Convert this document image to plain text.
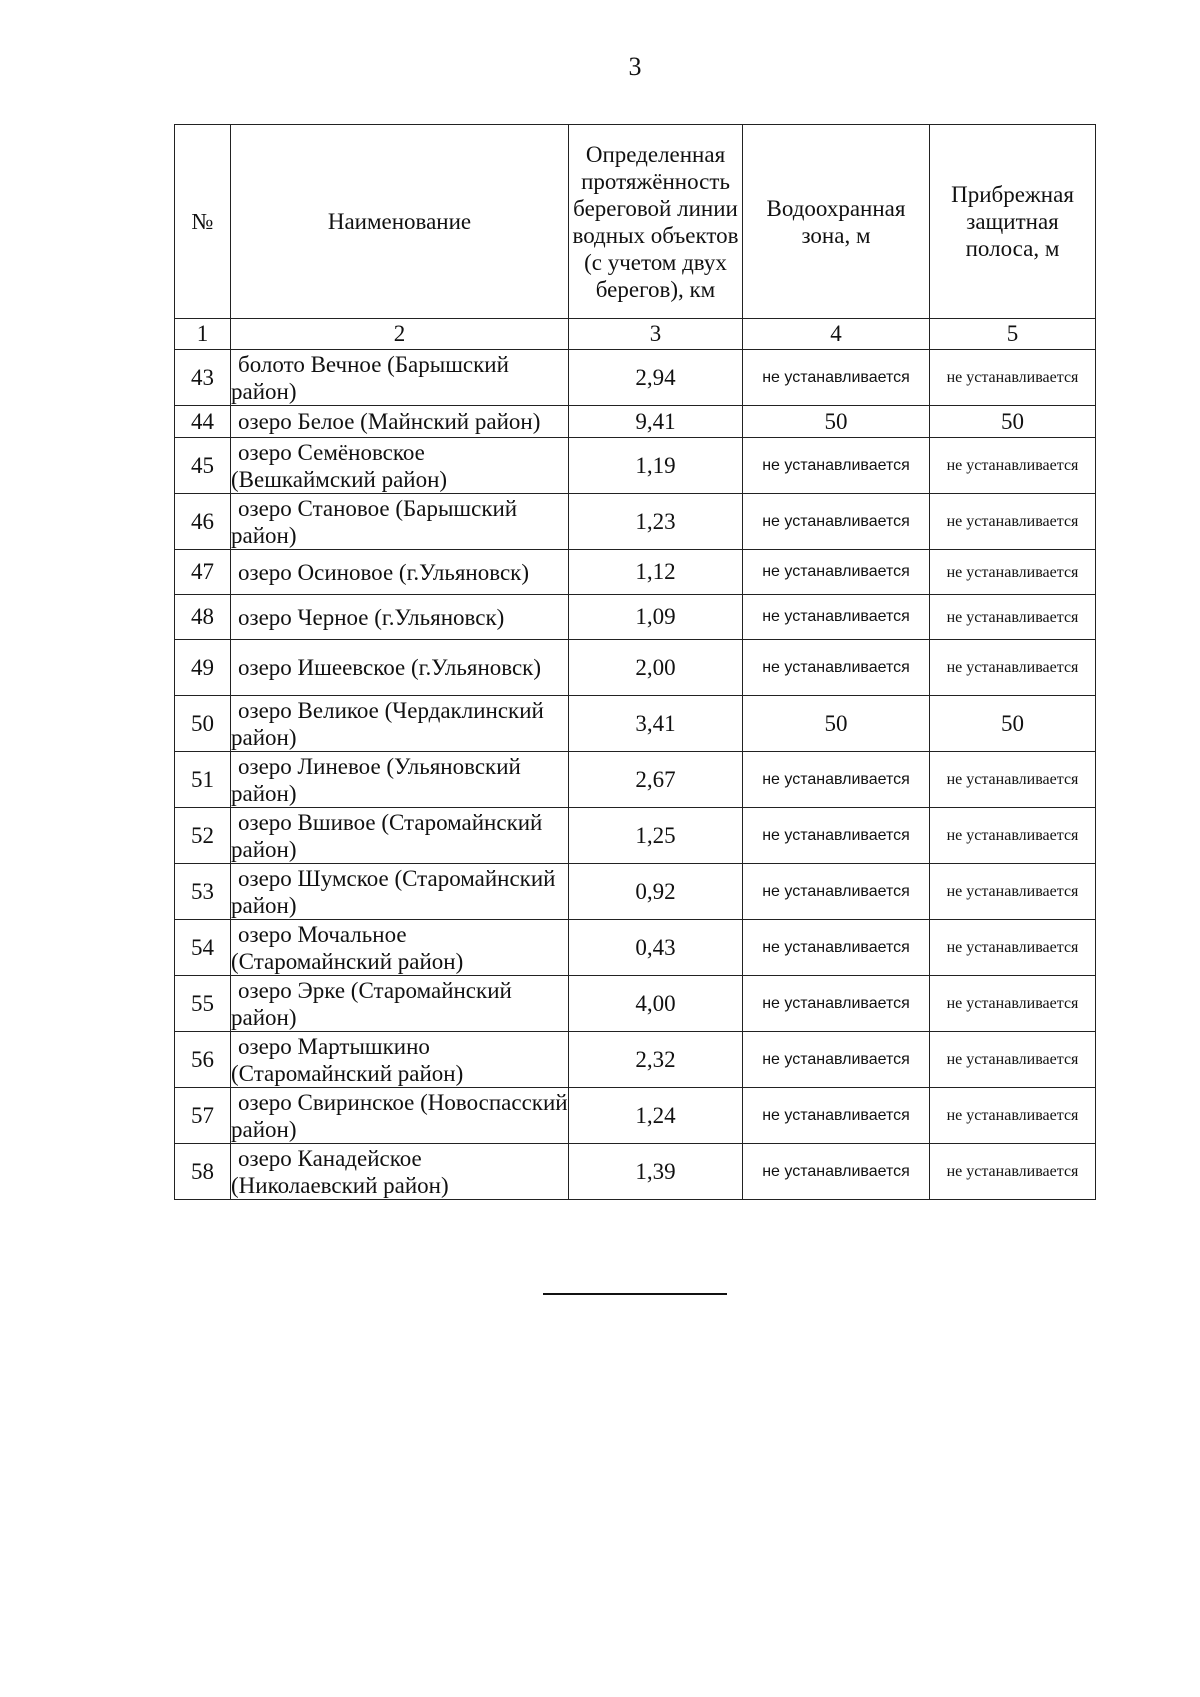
3
№	Наименование	Определенная протяжённость береговой линии водных объектов (с учетом двух берегов), км	Водоохранная зона, м	Прибрежная защитная полоса, м
1	2	3	4	5
43	болото Вечное (Барышский район)	2,94	не устанавливается	не устанавливается
44	озеро Белое (Майнский район)	9,41	50	50
45	озеро Семёновское (Вешкаймский район)	1,19	не устанавливается	не устанавливается
46	озеро Становое (Барышский район)	1,23	не устанавливается	не устанавливается
47	озеро Осиновое (г.Ульяновск)	1,12	не устанавливается	не устанавливается
48	озеро Черное (г.Ульяновск)	1,09	не устанавливается	не устанавливается
49	озеро Ишеевское (г.Ульяновск)	2,00	не устанавливается	не устанавливается
50	озеро Великое (Чердаклинский район)	3,41	50	50
51	озеро Линевое (Ульяновский район)	2,67	не устанавливается	не устанавливается
52	озеро Вшивое (Старомайнский район)	1,25	не устанавливается	не устанавливается
53	озеро Шумское (Старомайнский район)	0,92	не устанавливается	не устанавливается
54	озеро Мочальное (Старомайнский район)	0,43	не устанавливается	не устанавливается
55	озеро Эрке (Старомайнский район)	4,00	не устанавливается	не устанавливается
56	озеро Мартышкино (Старомайнский район)	2,32	не устанавливается	не устанавливается
57	озеро Свиринское (Новоспасский район)	1,24	не устанавливается	не устанавливается
58	озеро Канадейское (Николаевский район)	1,39	не устанавливается	не устанавливается
